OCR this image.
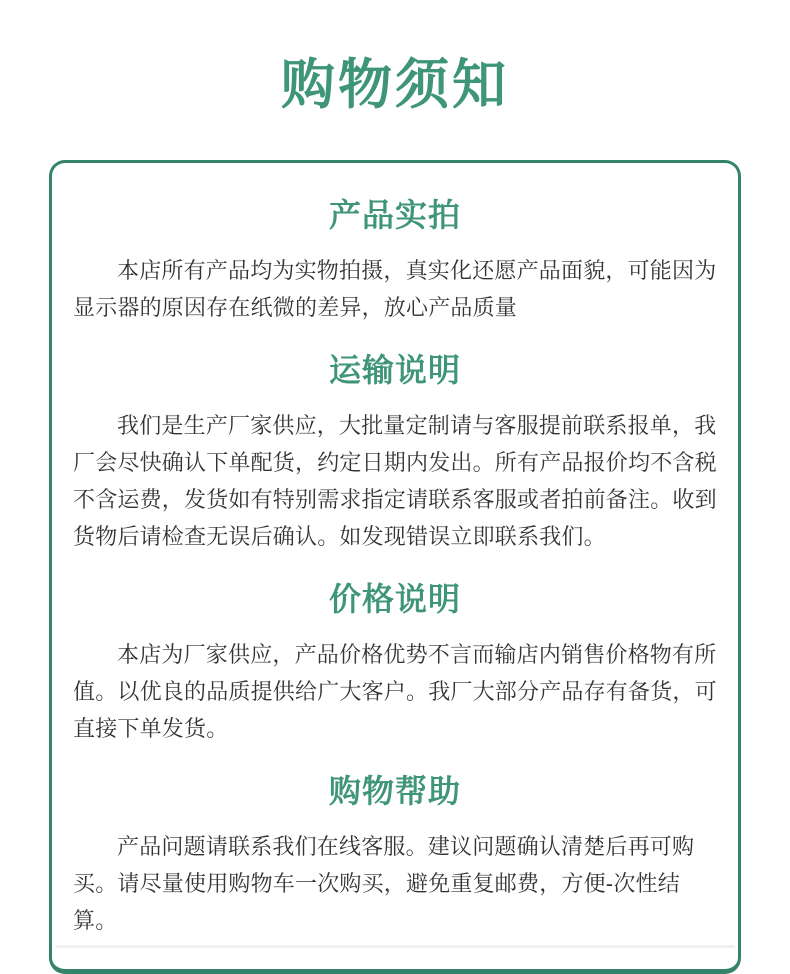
购物须知
产品实拍

本店所有产品均为实物拍摄，真实化还愿产品面貌，可能因为显示器的原因存在纸微的差异，放心产品质量

运输说明

我们是生产厂家供应，大批量定制请与客服提前联系报单，我厂会尽快确认下单配货，约定日期内发出。所有产品报价均不含税不含运费，发货如有特别需求指定请联系客服或者拍前备注。收到货物后请检查无误后确认。如发现错误立即联系我们。

价格说明

本店为厂家供应，产品价格优势不言而输店内销售价格物有所值。以优良的品质提供给广大客户。我厂大部分产品存有备货，可直接下单发货。

购物帮助

产品问题请联系我们在线客服。建议问题确认清楚后再可购买。请尽量使用购物车一次购买，避免重复邮费，方便-次性结算。
